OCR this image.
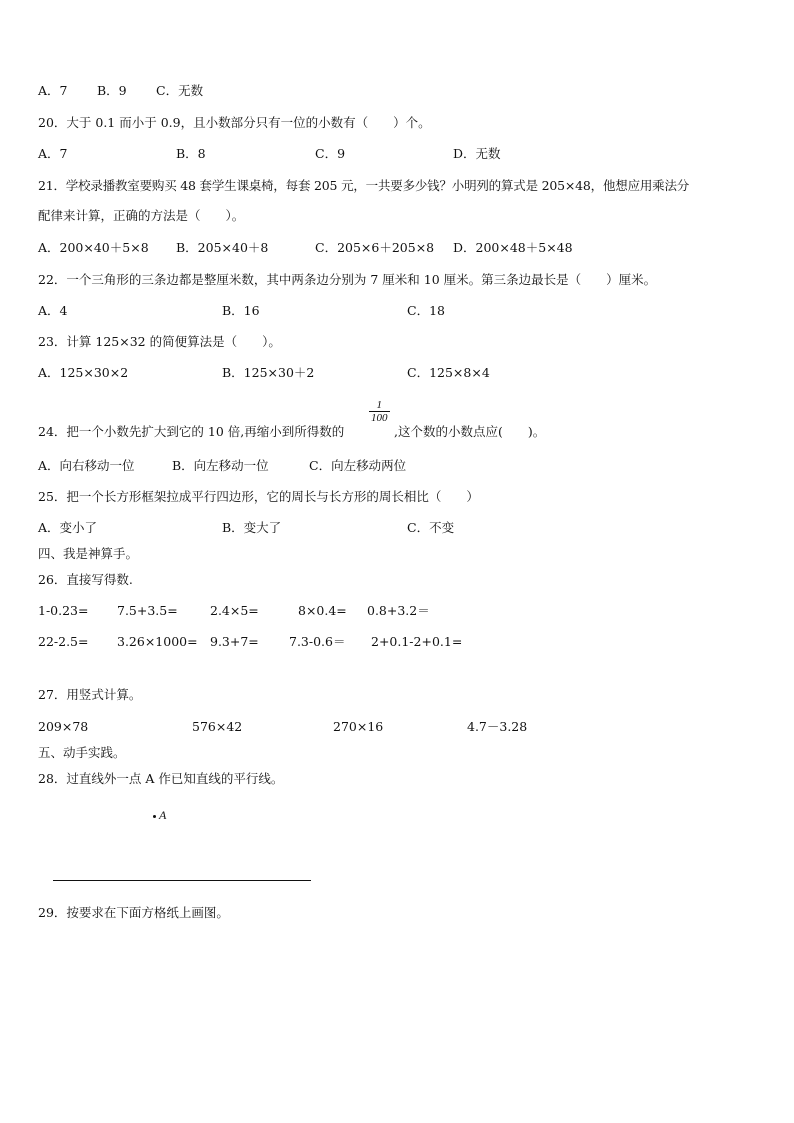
A．7 B．9 C．无数
20．大于 0.1 而小于 0.9，且小数部分只有一位的小数有（　　）个。
A．7	B．8	C．9	D．无数
21．学校录播教室要购买 48 套学生课桌椅，每套 205 元，一共要多少钱？小明列的算式是 205×48，他想应用乘法分
配律来计算，正确的方法是（　　）。
A．200×40＋5×8 B．205×40＋8	C．205×6＋205×8 D．200×48＋5×48
22．一个三角形的三条边都是整厘米数，其中两条边分别为 7 厘米和 10 厘米。第三条边最长是（　　）厘米。
A．4	B．16	C．18
23．计算 125×32 的简便算法是（　　）。
A．125×30×2	B．125×30＋2	C．125×8×4
24．把一个小数先扩大到它的 10 倍,再缩小到所得数的
$\frac{1}{100}$
,这个数的小数点应(　　)。
A．向右移动一位	B．向左移动一位	C．向左移动两位
25．把一个长方形框架拉成平行四边形，它的周长与长方形的周长相比（　　）
A．变小了	B．变大了	C．不变
四、我是神算手。
26．直接写得数.
1-0.23= 7.5+3.5=	2.4×5=	8×0.4= 0.8+3.2＝
22-2.5= 3.26×1000= 9.3+7= 7.3-0.6＝ 2+0.1-2+0.1=
27．用竖式计算。
209×78	576×42	270×16	4.7－3.28
五、动手实践。
28．过直线外一点 A 作已知直线的平行线。
A
29．按要求在下面方格纸上画图。
